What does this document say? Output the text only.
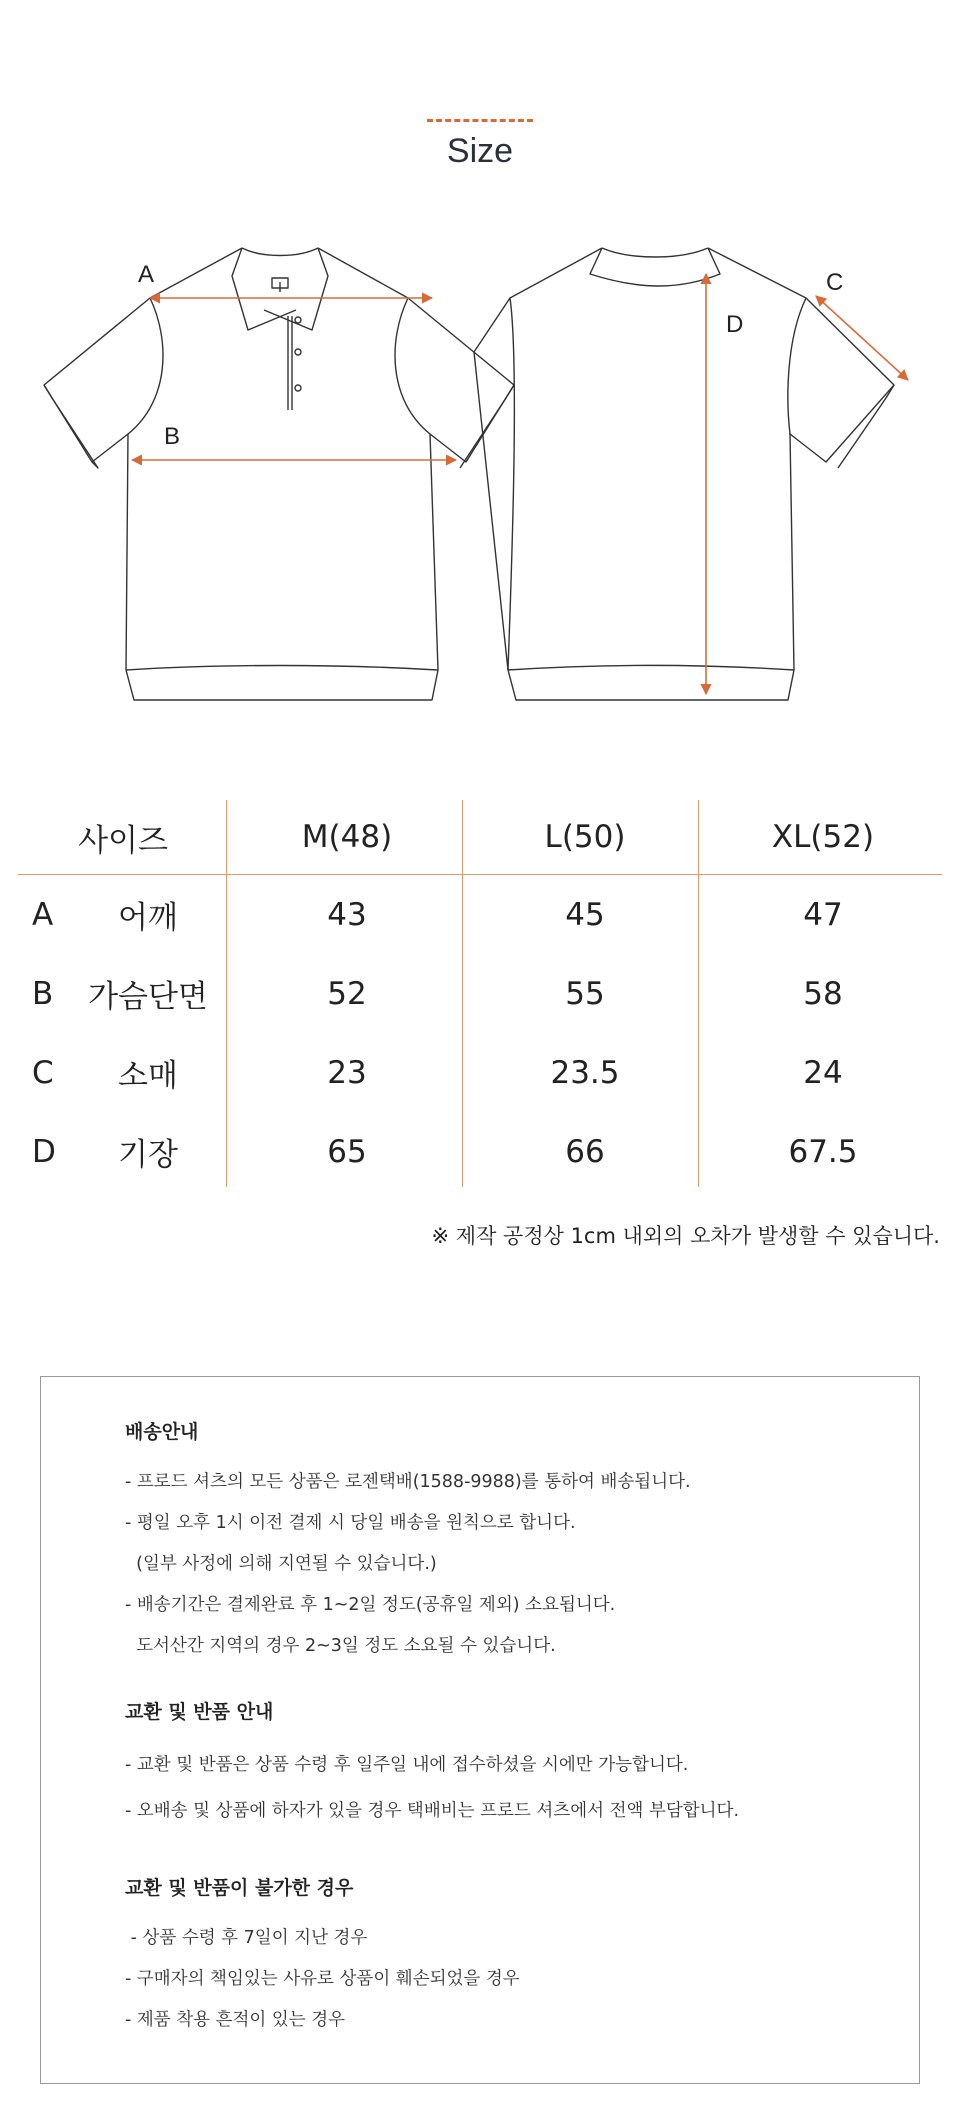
Size
A
B
C
D
사이즈	M(48)	L(50)	XL(52)
A	어깨	43	45	47
B	가슴단면	52	55	58
C	소매	23	23.5	24
D	기장	65	66	67.5
※ 제작 공정상 1cm 내외의 오차가 발생할 수 있습니다.
배송안내
- 프로드 셔츠의 모든 상품은 로젠택배(1588-9988)를 통하여 배송됩니다.
- 평일 오후 1시 이전 결제 시 당일 배송을 원칙으로 합니다.
(일부 사정에 의해 지연될 수 있습니다.)
- 배송기간은 결제완료 후 1~2일 정도(공휴일 제외) 소요됩니다.
도서산간 지역의 경우 2~3일 정도 소요될 수 있습니다.
교환 및 반품 안내
- 교환 및 반품은 상품 수령 후 일주일 내에 접수하셨을 시에만 가능합니다.
- 오배송 및 상품에 하자가 있을 경우 택배비는 프로드 셔츠에서 전액 부담합니다.
교환 및 반품이 불가한 경우
- 상품 수령 후 7일이 지난 경우
- 구매자의 책임있는 사유로 상품이 훼손되었을 경우
- 제품 착용 흔적이 있는 경우
